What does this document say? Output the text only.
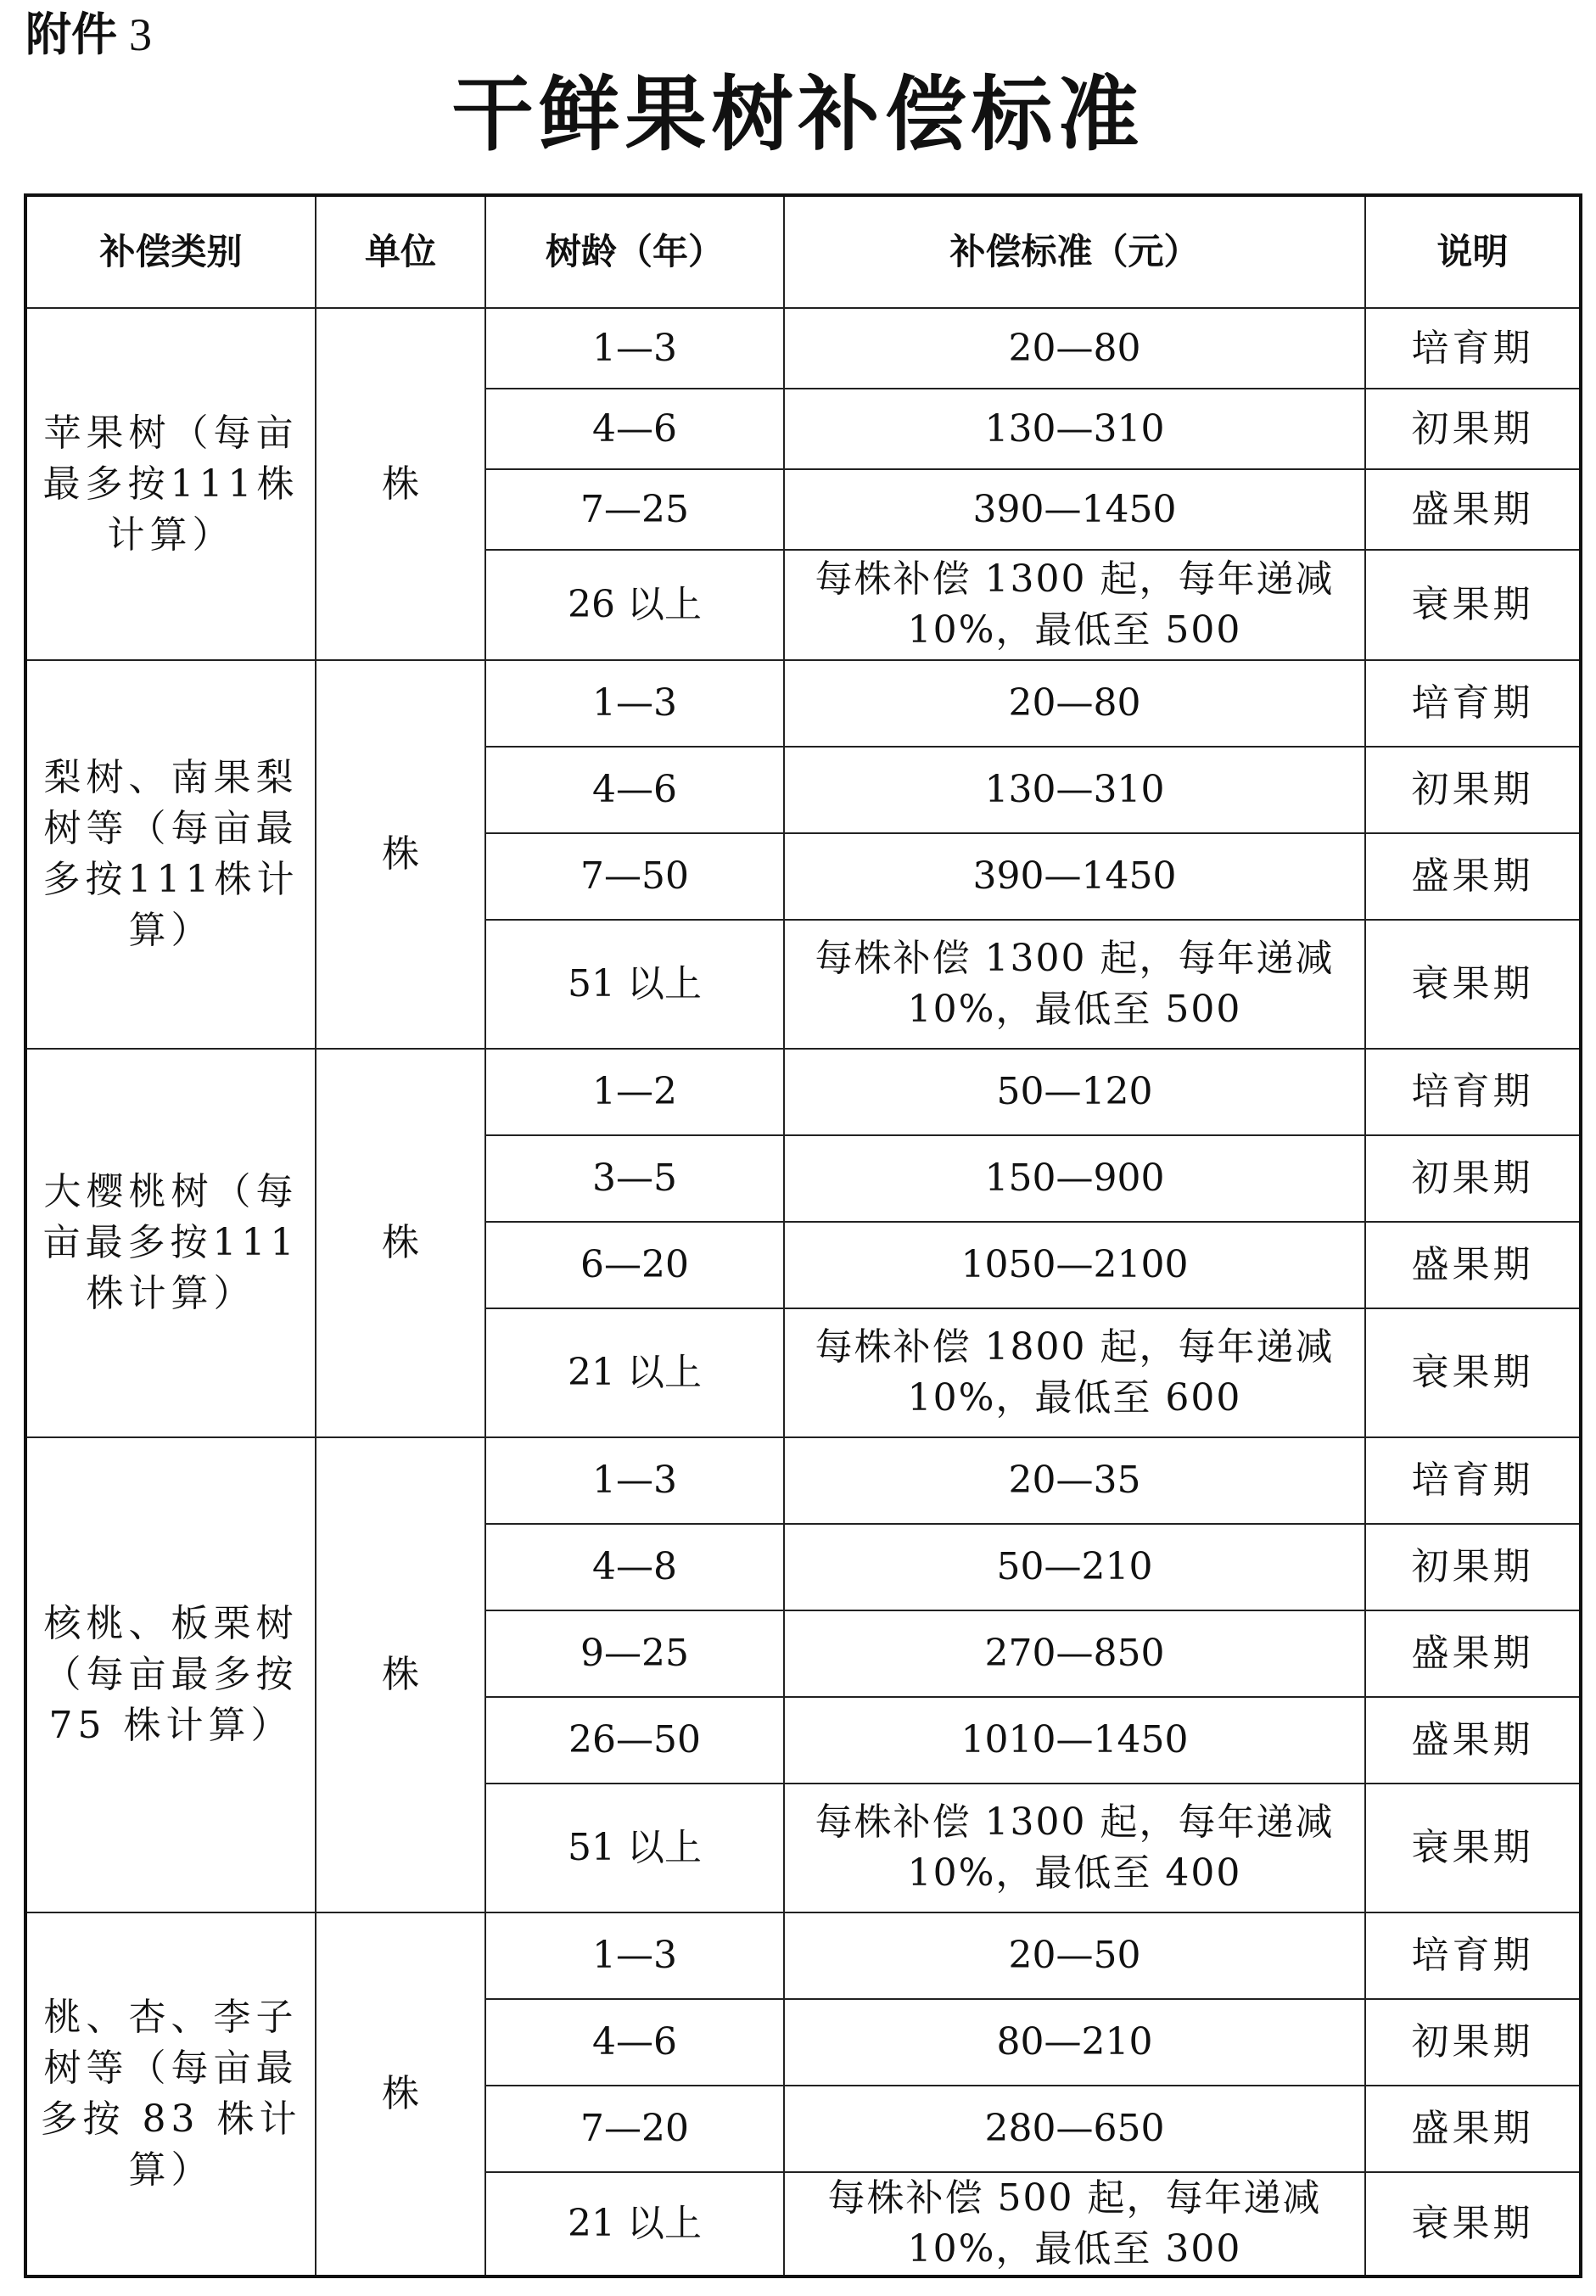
附件 3
干鲜果树补偿标准
补偿类别	单位	树龄（年）	补偿标准（元）	说明
苹果树（每亩最多按111株计算）	株	1—3	20—80	培育期
		4—6	130—310	初果期
		7—25	390—1450	盛果期
		26 以上	每株补偿 1300 起，每年递减 10%，最低至 500	衰果期
梨树、南果梨树等（每亩最多按111株计算）	株	1—3	20—80	培育期
		4—6	130—310	初果期
		7—50	390—1450	盛果期
		51 以上	每株补偿 1300 起，每年递减 10%，最低至 500	衰果期
大樱桃树（每亩最多按111株计算）	株	1—2	50—120	培育期
		3—5	150—900	初果期
		6—20	1050—2100	盛果期
		21 以上	每株补偿 1800 起，每年递减 10%，最低至 600	衰果期
核桃、板栗树（每亩最多按 75 株计算）	株	1—3	20—35	培育期
		4—8	50—210	初果期
		9—25	270—850	盛果期
		26—50	1010—1450	盛果期
		51 以上	每株补偿 1300 起，每年递减 10%，最低至 400	衰果期
桃、杏、李子树等（每亩最多按 83 株计算）	株	1—3	20—50	培育期
		4—6	80—210	初果期
		7—20	280—650	盛果期
		21 以上	每株补偿 500 起，每年递减 10%，最低至 300	衰果期
